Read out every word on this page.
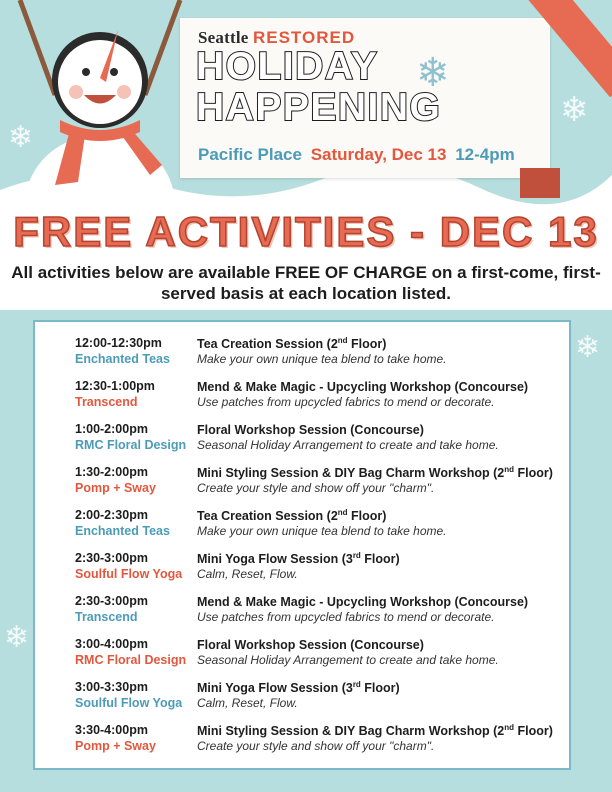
Seattle RESTORED
HOLIDAY HAPPENING
❄
Pacific Place Saturday, Dec 13 12-4pm
❄
❄
❄
❄
FREE ACTIVITIES - DEC 13
All activities below are available FREE OF CHARGE on a first-come, first-served basis at each location listed.
12:00-12:30pm
Enchanted Teas
Tea Creation Session (2nd Floor)
Make your own unique tea blend to take home.
12:30-1:00pm
Transcend
Mend & Make Magic - Upcycling Workshop (Concourse)
Use patches from upcycled fabrics to mend or decorate.
1:00-2:00pm
RMC Floral Design
Floral Workshop Session (Concourse)
Seasonal Holiday Arrangement to create and take home.
1:30-2:00pm
Pomp + Sway
Mini Styling Session & DIY Bag Charm Workshop (2nd Floor)
Create your style and show off your "charm".
2:00-2:30pm
Enchanted Teas
Tea Creation Session (2nd Floor)
Make your own unique tea blend to take home.
2:30-3:00pm
Soulful Flow Yoga
Mini Yoga Flow Session (3rd Floor)
Calm, Reset, Flow.
2:30-3:00pm
Transcend
Mend & Make Magic - Upcycling Workshop (Concourse)
Use patches from upcycled fabrics to mend or decorate.
3:00-4:00pm
RMC Floral Design
Floral Workshop Session (Concourse)
Seasonal Holiday Arrangement to create and take home.
3:00-3:30pm
Soulful Flow Yoga
Mini Yoga Flow Session (3rd Floor)
Calm, Reset, Flow.
3:30-4:00pm
Pomp + Sway
Mini Styling Session & DIY Bag Charm Workshop (2nd Floor)
Create your style and show off your "charm".
